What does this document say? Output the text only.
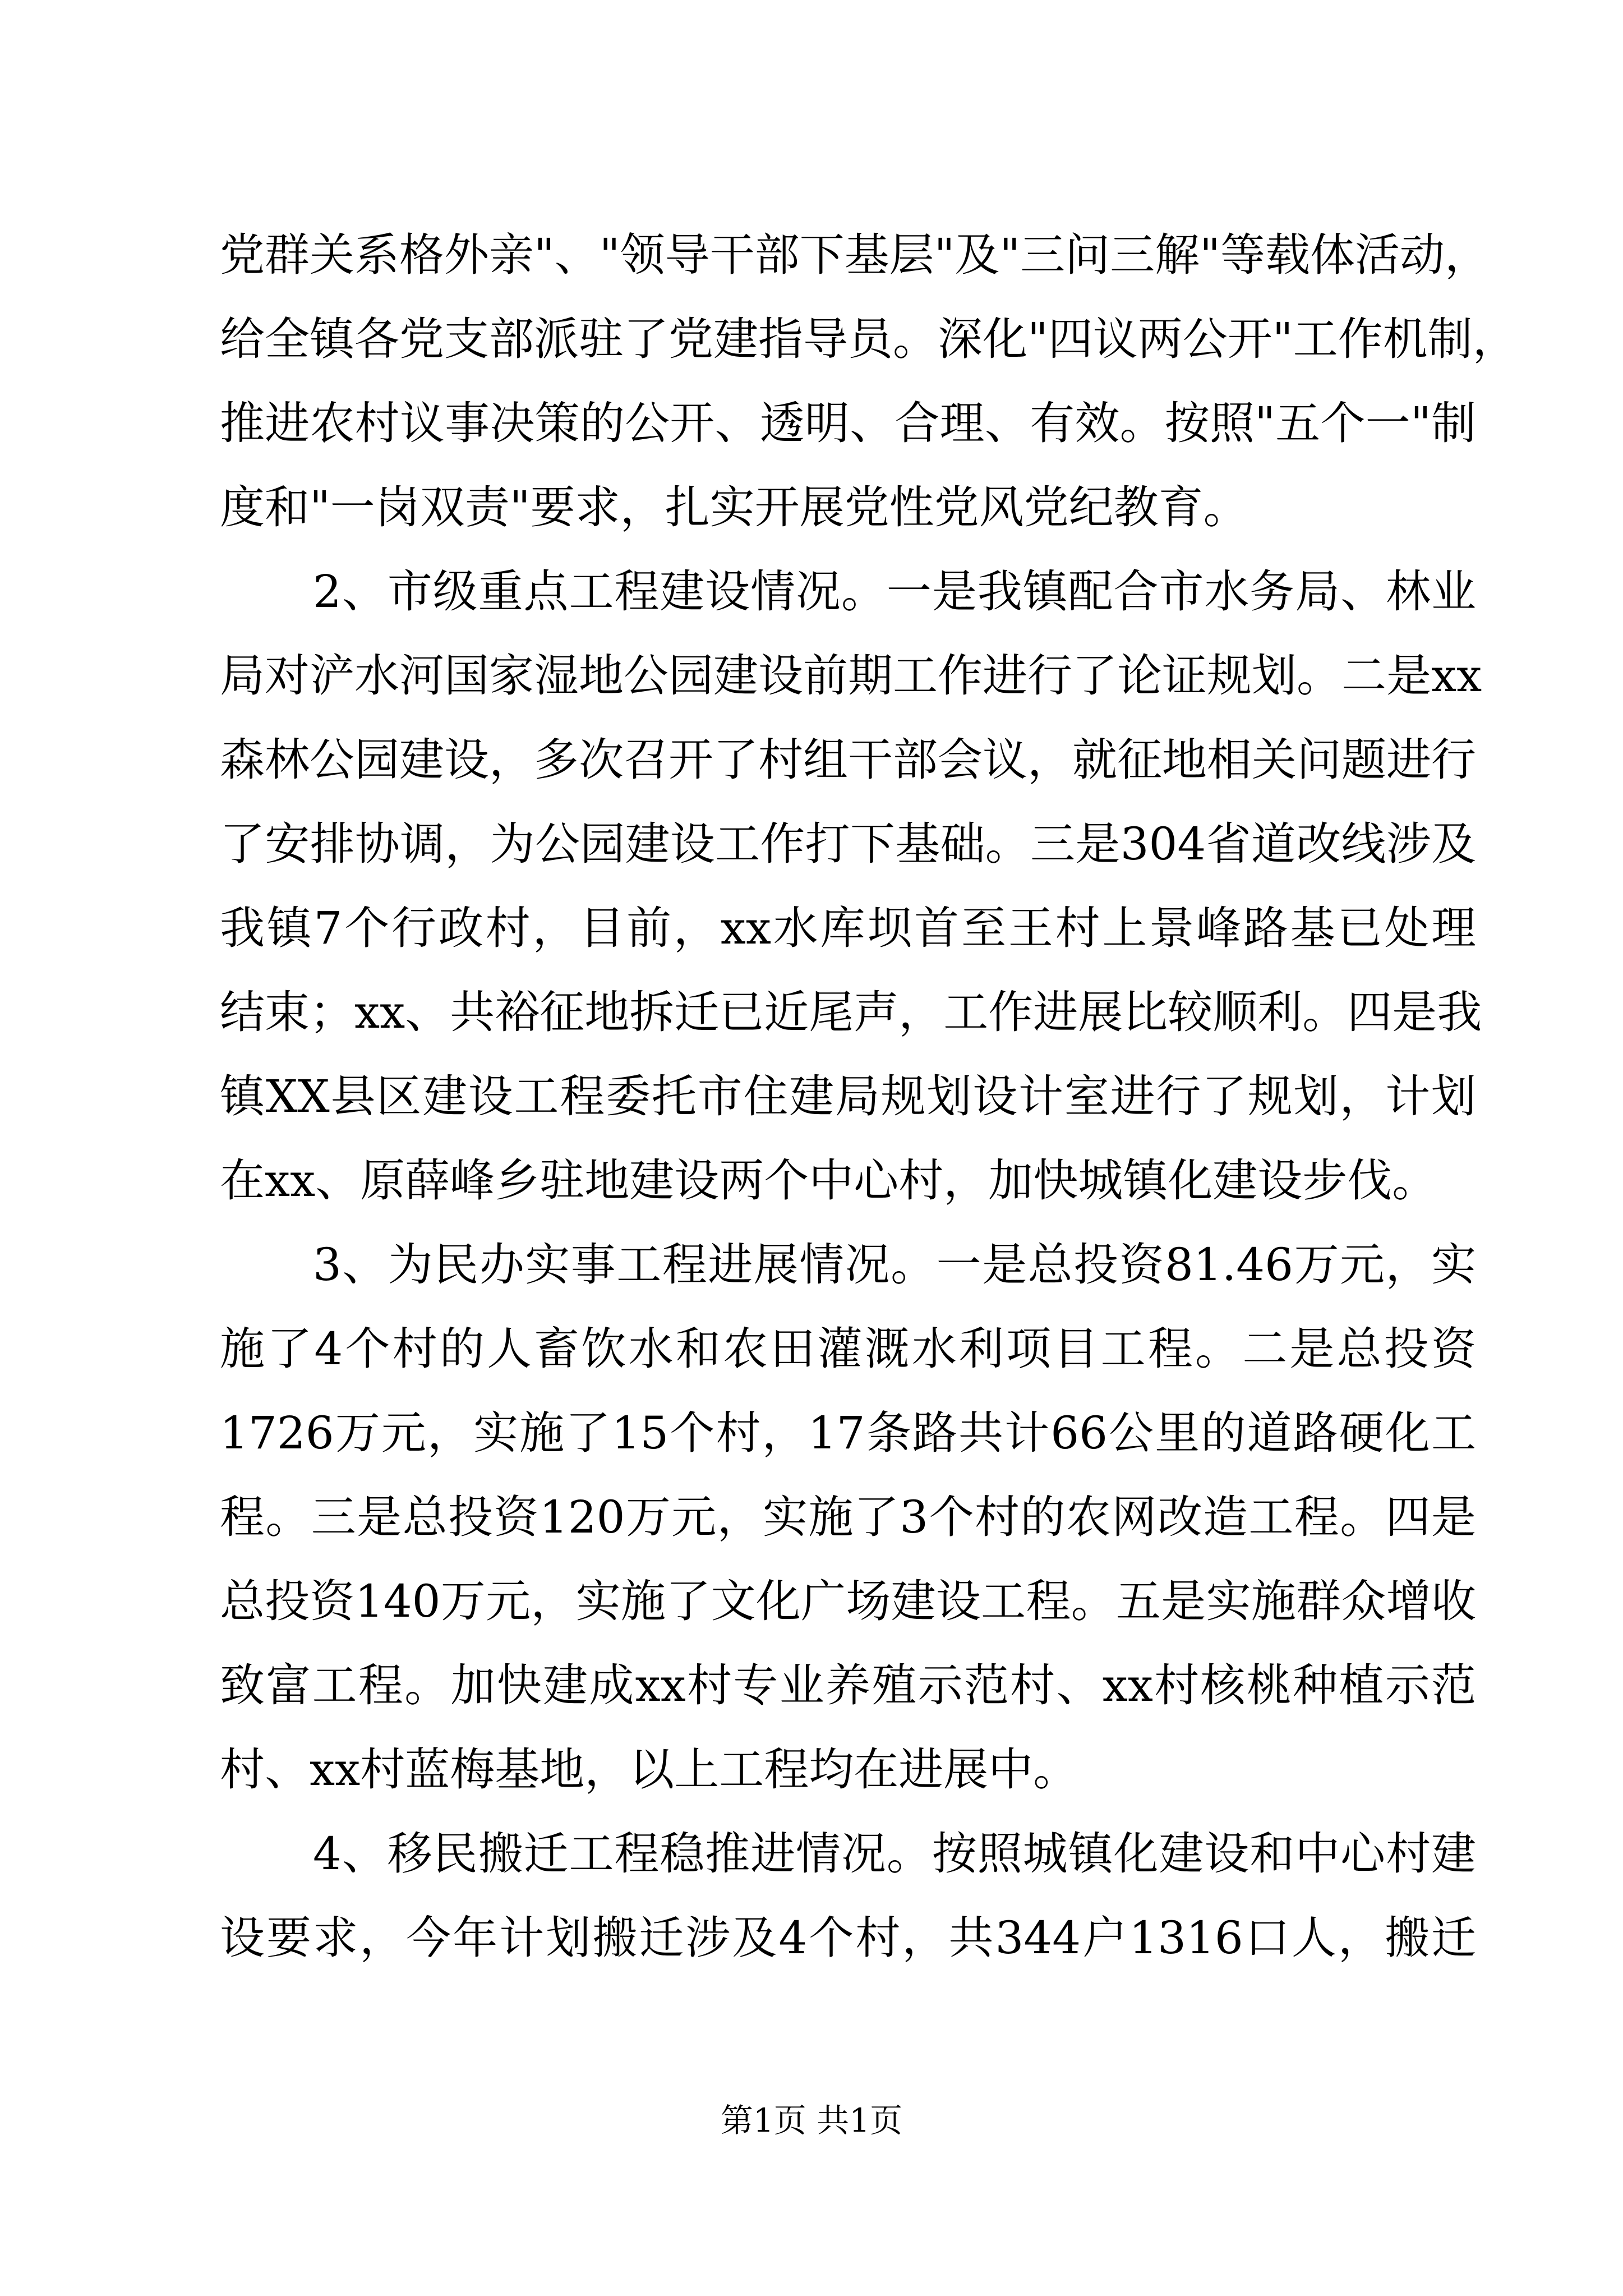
党群关系格外亲"、"领导干部下基层"及"三问三解"等载体活动，
给全镇各党支部派驻了党建指导员。深化"四议两公开"工作机制，
推进农村议事决策的公开、透明、合理、有效。按照"五个一"制
度和"一岗双责"要求，扎实开展党性党风党纪教育。
2、市级重点工程建设情况。一是我镇配合市水务局、林业
局对浐水河国家湿地公园建设前期工作进行了论证规划。二是xx
森林公园建设，多次召开了村组干部会议，就征地相关问题进行
了安排协调，为公园建设工作打下基础。三是304省道改线涉及
我镇7个行政村，目前，xx水库坝首至王村上景峰路基已处理
结束；xx、共裕征地拆迁已近尾声，工作进展比较顺利。四是我
镇XX县区建设工程委托市住建局规划设计室进行了规划，计划
在xx、原薛峰乡驻地建设两个中心村，加快城镇化建设步伐。
3、为民办实事工程进展情况。一是总投资81.46万元，实
施了4个村的人畜饮水和农田灌溉水利项目工程。二是总投资
1726万元，实施了15个村，17条路共计66公里的道路硬化工
程。三是总投资120万元，实施了3个村的农网改造工程。四是
总投资140万元，实施了文化广场建设工程。五是实施群众增收
致富工程。加快建成xx村专业养殖示范村、xx村核桃种植示范
村、xx村蓝梅基地，以上工程均在进展中。
4、移民搬迁工程稳推进情况。按照城镇化建设和中心村建
设要求，今年计划搬迁涉及4个村，共344户1316口人，搬迁
第1页 共1页
